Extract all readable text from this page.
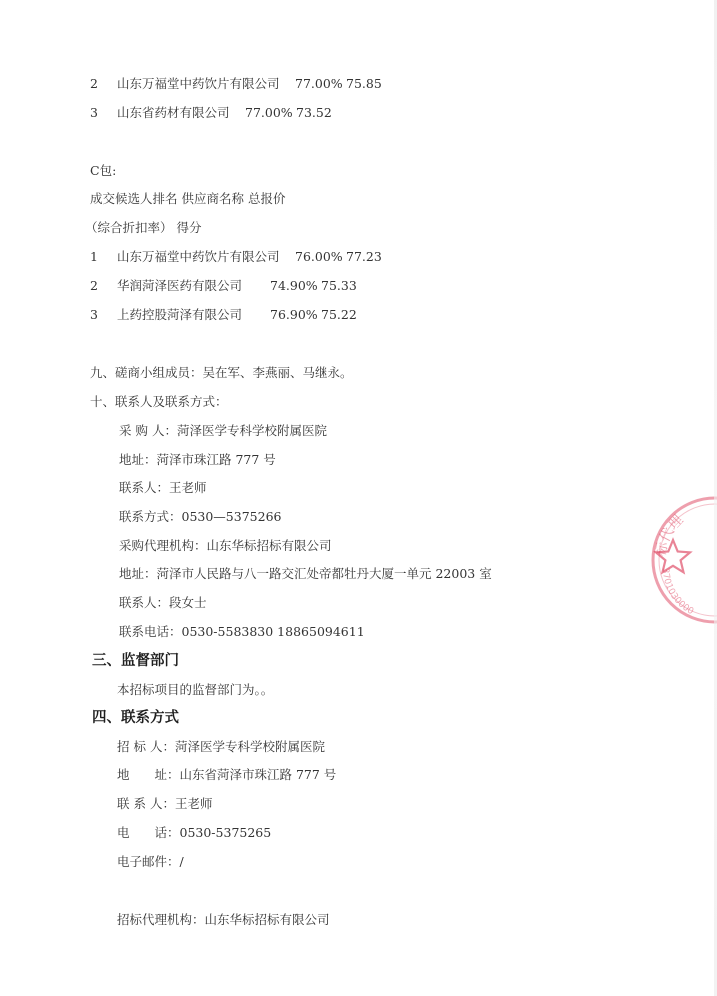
2 山东万福堂中药饮片有限公司 77.00% 75.85
3 山东省药材有限公司 77.00% 73.52
C包:
成交候选人排名 供应商名称 总报价
（综合折扣率） 得分
1 山东万福堂中药饮片有限公司 76.00% 77.23
2 华润菏泽医药有限公司 74.90% 75.33
3 上药控股菏泽有限公司 76.90% 75.22
九、磋商小组成员：吴在军、李燕丽、马继永。
十、联系人及联系方式：
采 购 人：菏泽医学专科学校附属医院
地址：菏泽市珠江路 777 号
联系人：王老师
联系方式：0530—5375266
采购代理机构：山东华标招标有限公司
地址：菏泽市人民路与八一路交汇处帝都牡丹大厦一单元 22003 室
联系人：段女士
联系电话：0530-5583830 18865094611
三、监督部门
本招标项目的监督部门为。。
四、联系方式
招 标 人：菏泽医学专科学校附属医院
地　　址：山东省菏泽市珠江路 777 号
联 系 人：王老师
电　　话：0530-5375265
电子邮件：/
招标代理机构：山东华标招标有限公司
标代理
3701030000
